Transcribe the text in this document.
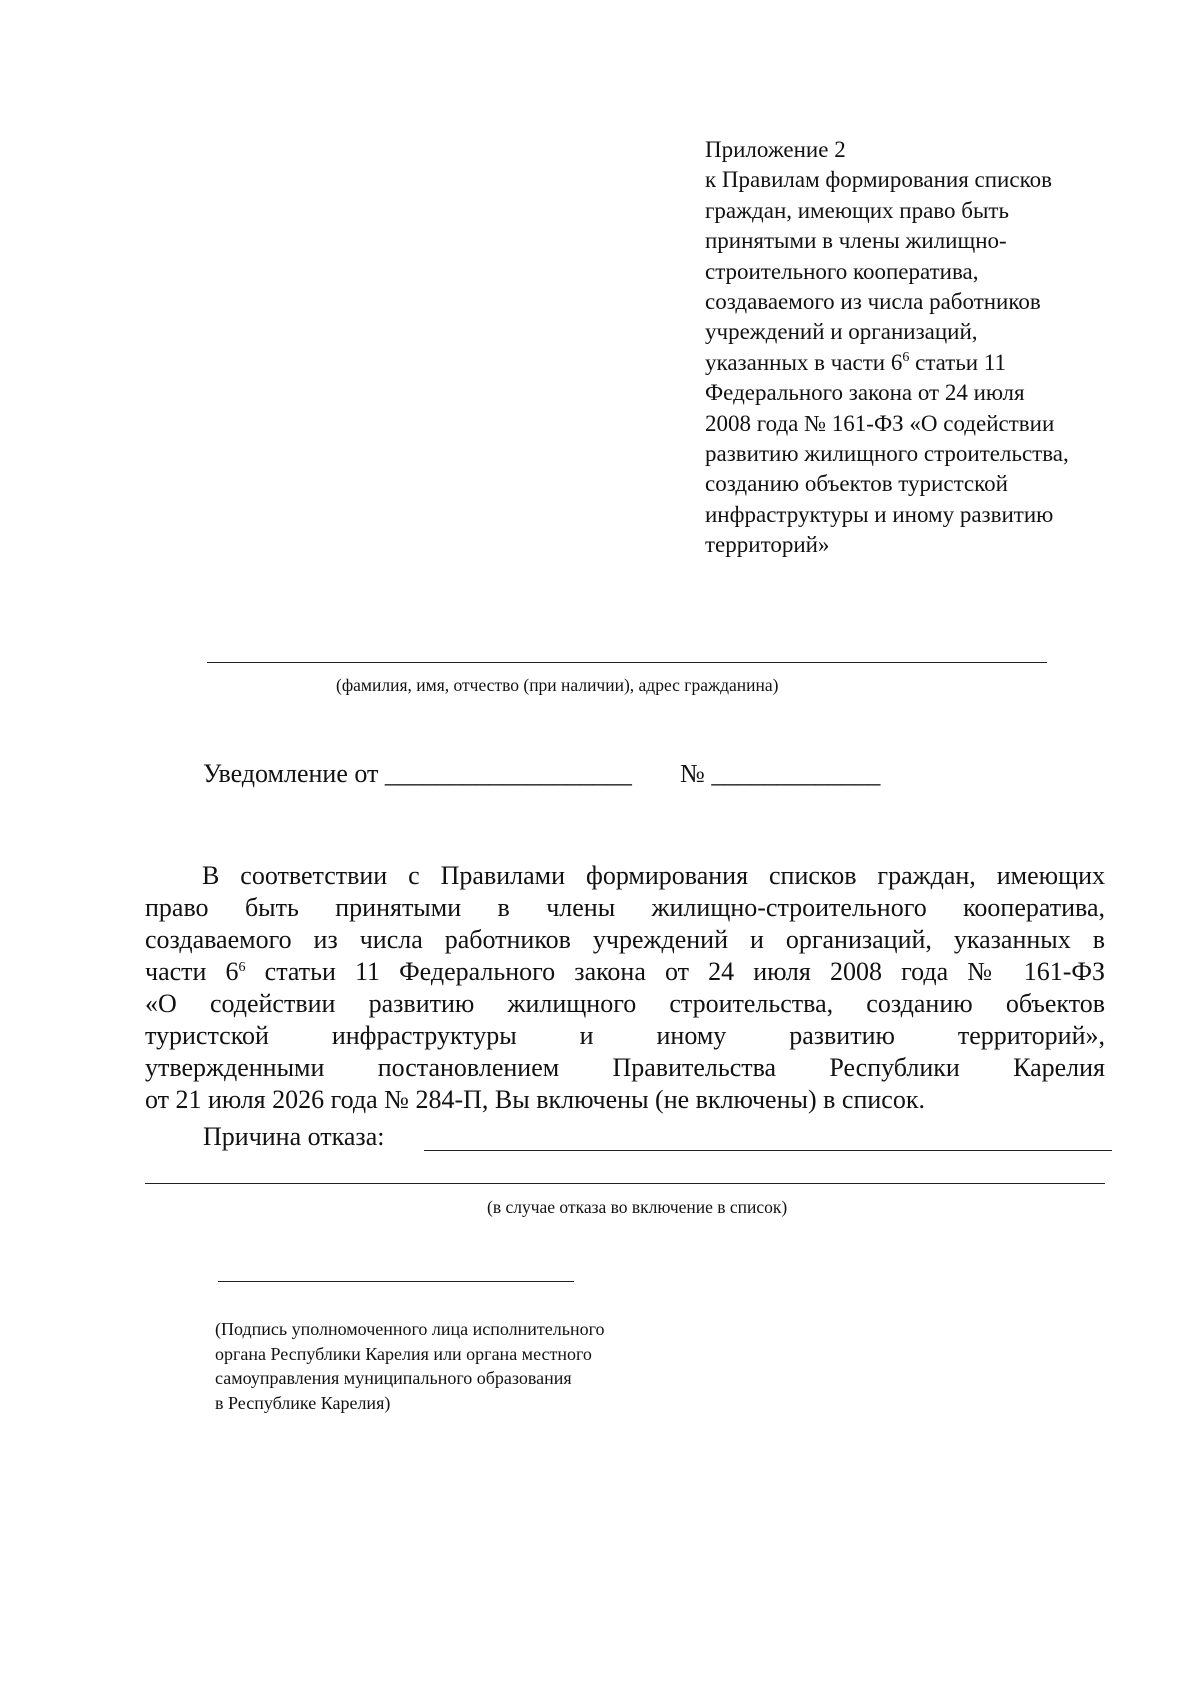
Приложение 2
к Правилам формирования списков
граждан, имеющих право быть
принятыми в члены жилищно-
строительного кооператива,
создаваемого из числа работников
учреждений и организаций,
указанных в части $6^6$ статьи 11
Федерального закона от 24 июля
2008 года № 161-ФЗ «О содействии
развитию жилищного строительства,
созданию объектов туристской
инфраструктуры и иному развитию
территорий»
(фамилия, имя, отчество (при наличии), адрес гражданина)
Уведомление от ___________________ № _____________
В соответствии с Правилами формирования списков граждан, имеющих
право быть принятыми в члены жилищно-строительного кооператива,
создаваемого из числа работников учреждений и организаций, указанных в
части $6^6$ статьи 11 Федерального закона от 24 июля 2008 года № 161-ФЗ
«О содействии развитию жилищного строительства, созданию объектов
туристской инфраструктуры и иному развитию территорий»,
утвержденными постановлением Правительства Республики Карелия
от 21 июля 2026 года № 284-П, Вы включены (не включены) в список.
Причина отказа:
(в случае отказа во включение в список)
(Подпись уполномоченного лица исполнительного
органа Республики Карелия или органа местного
самоуправления муниципального образования
в Республике Карелия)
